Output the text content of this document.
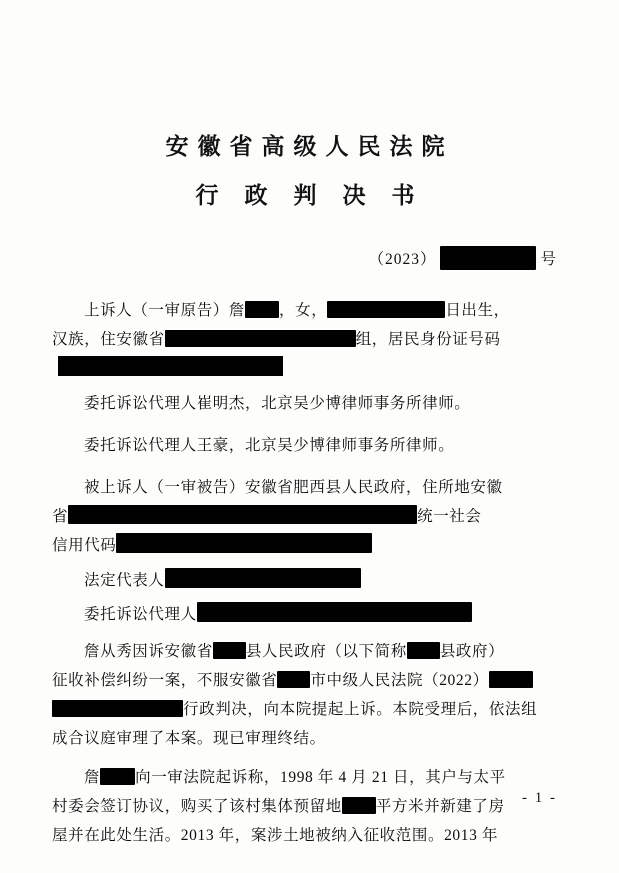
安徽省高级人民法院
行 政 判 决 书
（2023）	号
上诉人（一审原告）詹 ，女，	日出生，
汉族，住安徽省	组，居民身份证号码
委托诉讼代理人崔明杰，北京吴少博律师事务所律师。
委托诉讼代理人王豪，北京吴少博律师事务所律师。
被上诉人（一审被告）安徽省肥西县人民政府，住所地安徽
省	统一社会
信用代码
法定代表人
委托诉讼代理人
詹从秀因诉安徽省 县人民政府（以下简称 县政府）
征收补偿纠纷一案，不服安徽省 市中级人民法院（2022）
行政判决，向本院提起上诉。本院受理后，依法组
成合议庭审理了本案。现已审理终结。
詹 向一审法院起诉称，1998 年 4 月 21 日，其户与太平
村委会签订协议，购买了该村集体预留地 平方米并新建了房
屋并在此处生活。2013 年，案涉土地被纳入征收范围。2013 年
- 1 -
